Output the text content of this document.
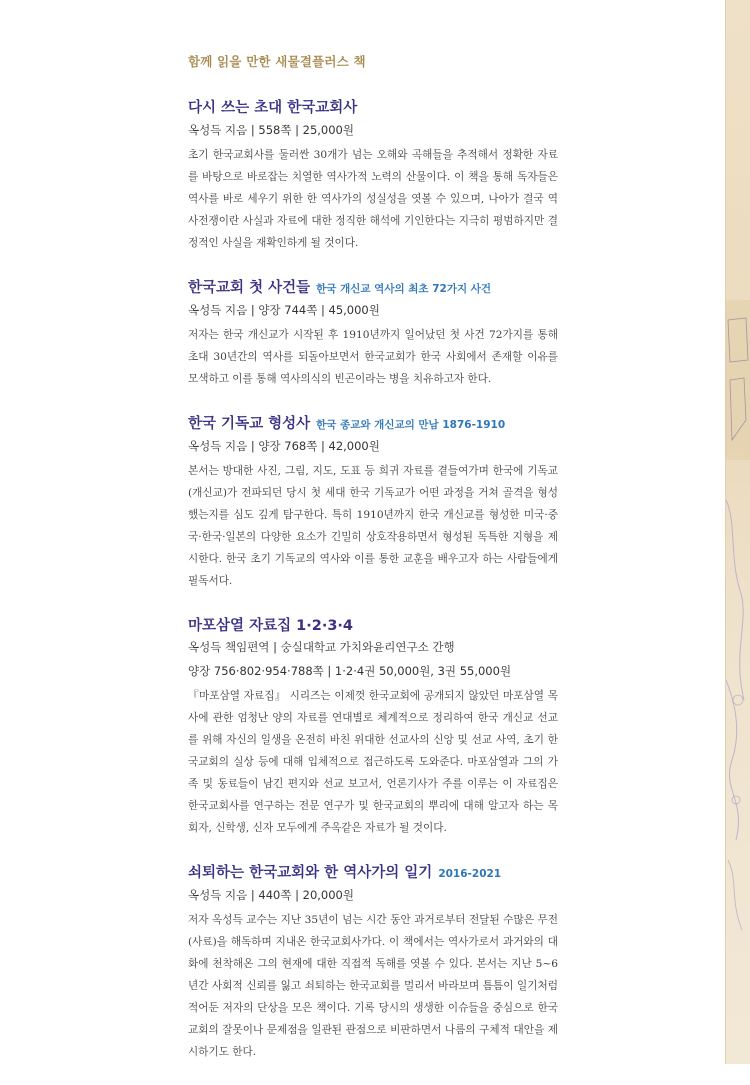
함께 읽을 만한 새물결플러스 책
다시 쓰는 초대 한국교회사
옥성득 지음 | 558쪽 | 25,000원

초기 한국교회사를 둘러싼 30개가 넘는 오해와 곡해들을 추적해서 정확한 자료를 바탕으로 바로잡는 치열한 역사가적 노력의 산물이다. 이 책을 통해 독자들은 역사를 바로 세우기 위한 한 역사가의 성실성을 엿볼 수 있으며, 나아가 결국 역사전쟁이란 사실과 자료에 대한 정직한 해석에 기인한다는 지극히 평범하지만 결정적인 사실을 재확인하게 될 것이다.

한국교회 첫 사건들 한국 개신교 역사의 최초 72가지 사건
옥성득 지음 | 양장 744쪽 | 45,000원

저자는 한국 개신교가 시작된 후 1910년까지 일어났던 첫 사건 72가지를 통해 초대 30년간의 역사를 되돌아보면서 한국교회가 한국 사회에서 존재할 이유를 모색하고 이를 통해 역사의식의 빈곤이라는 병을 치유하고자 한다.

한국 기독교 형성사 한국 종교와 개신교의 만남 1876-1910
옥성득 지음 | 양장 768쪽 | 42,000원

본서는 방대한 사진, 그림, 지도, 도표 등 희귀 자료를 곁들여가며 한국에 기독교(개신교)가 전파되던 당시 첫 세대 한국 기독교가 어떤 과정을 거쳐 골격을 형성했는지를 심도 깊게 탐구한다. 특히 1910년까지 한국 개신교를 형성한 미국·중국·한국·일본의 다양한 요소가 긴밀히 상호작용하면서 형성된 독특한 지형을 제시한다. 한국 초기 기독교의 역사와 이를 통한 교훈을 배우고자 하는 사람들에게 필독서다.

마포삼열 자료집 1·2·3·4
옥성득 책임편역 | 숭실대학교 가치와윤리연구소 간행
양장 756·802·954·788쪽 | 1·2·4권 50,000원, 3권 55,000원

『마포삼열 자료집』 시리즈는 이제껏 한국교회에 공개되지 않았던 마포삼열 목사에 관한 엄청난 양의 자료를 연대별로 체계적으로 정리하여 한국 개신교 선교를 위해 자신의 일생을 온전히 바친 위대한 선교사의 신앙 및 선교 사역, 초기 한국교회의 실상 등에 대해 입체적으로 접근하도록 도와준다. 마포삼열과 그의 가족 및 동료들이 남긴 편지와 선교 보고서, 언론기사가 주를 이루는 이 자료집은 한국교회사를 연구하는 전문 연구가 및 한국교회의 뿌리에 대해 알고자 하는 목회자, 신학생, 신자 모두에게 주옥같은 자료가 될 것이다.

쇠퇴하는 한국교회와 한 역사가의 일기 2016-2021
옥성득 지음 | 440쪽 | 20,000원

저자 옥성득 교수는 지난 35년이 넘는 시간 동안 과거로부터 전달된 수많은 무전(사료)을 해독하며 지내온 한국교회사가다. 이 책에서는 역사가로서 과거와의 대화에 천착해온 그의 현재에 대한 직접적 독해를 엿볼 수 있다. 본서는 지난 5~6년간 사회적 신뢰를 잃고 쇠퇴하는 한국교회를 멀리서 바라보며 틈틈이 일기처럼 적어둔 저자의 단상을 모은 책이다. 기록 당시의 생생한 이슈들을 중심으로 한국교회의 잘못이나 문제점을 일관된 관점으로 비판하면서 나름의 구체적 대안을 제시하기도 한다.
